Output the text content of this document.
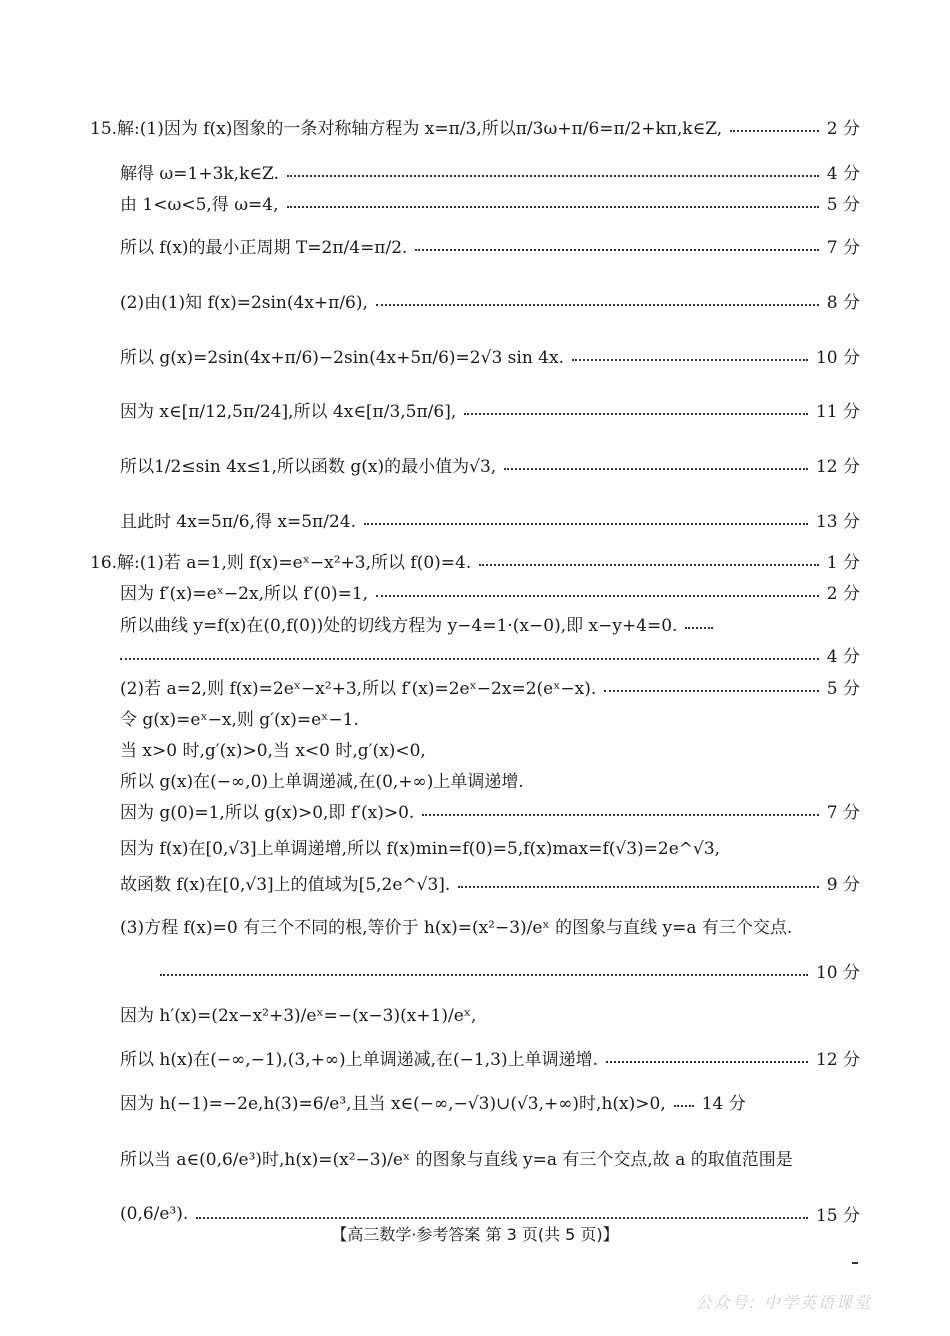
15.解:(1)因为 f(x)图象的一条对称轴方程为 x=π/3,所以π/3ω+π/6=π/2+kπ,k∈Z,	2 分
解得 ω=1+3k,k∈Z.	4 分
由 1<ω<5,得 ω=4,	5 分
所以 f(x)的最小正周期 T=2π/4=π/2.	7 分
(2)由(1)知 f(x)=2sin(4x+π/6),	8 分
所以 g(x)=2sin(4x+π/6)−2sin(4x+5π/6)=2√3 sin 4x.	10 分
因为 x∈[π/12,5π/24],所以 4x∈[π/3,5π/6],	11 分
所以1/2≤sin 4x≤1,所以函数 g(x)的最小值为√3,	12 分
且此时 4x=5π/6,得 x=5π/24.	13 分
16.解:(1)若 a=1,则 f(x)=eˣ−x²+3,所以 f(0)=4.	1 分
因为 f′(x)=eˣ−2x,所以 f′(0)=1,	2 分
所以曲线 y=f(x)在(0,f(0))处的切线方程为 y−4=1·(x−0),即 x−y+4=0.
4 分
(2)若 a=2,则 f(x)=2eˣ−x²+3,所以 f′(x)=2eˣ−2x=2(eˣ−x).	5 分
令 g(x)=eˣ−x,则 g′(x)=eˣ−1.
当 x>0 时,g′(x)>0,当 x<0 时,g′(x)<0,
所以 g(x)在(−∞,0)上单调递减,在(0,+∞)上单调递增.
因为 g(0)=1,所以 g(x)>0,即 f′(x)>0.	7 分
因为 f(x)在[0,√3]上单调递增,所以 f(x)min=f(0)=5,f(x)max=f(√3)=2e^√3,
故函数 f(x)在[0,√3]上的值域为[5,2e^√3].	9 分
(3)方程 f(x)=0 有三个不同的根,等价于 h(x)=(x²−3)/eˣ 的图象与直线 y=a 有三个交点.
10 分
因为 h′(x)=(2x−x²+3)/eˣ=−(x−3)(x+1)/eˣ,
所以 h(x)在(−∞,−1),(3,+∞)上单调递减,在(−1,3)上单调递增.	12 分
因为 h(−1)=−2e,h(3)=6/e³,且当 x∈(−∞,−√3)∪(√3,+∞)时,h(x)>0, 14 分
所以当 a∈(0,6/e³)时,h(x)=(x²−3)/eˣ 的图象与直线 y=a 有三个交点,故 a 的取值范围是
(0,6/e³).	15 分
【高三数学·参考答案 第 3 页(共 5 页)】
公众号: 中学英语课堂
